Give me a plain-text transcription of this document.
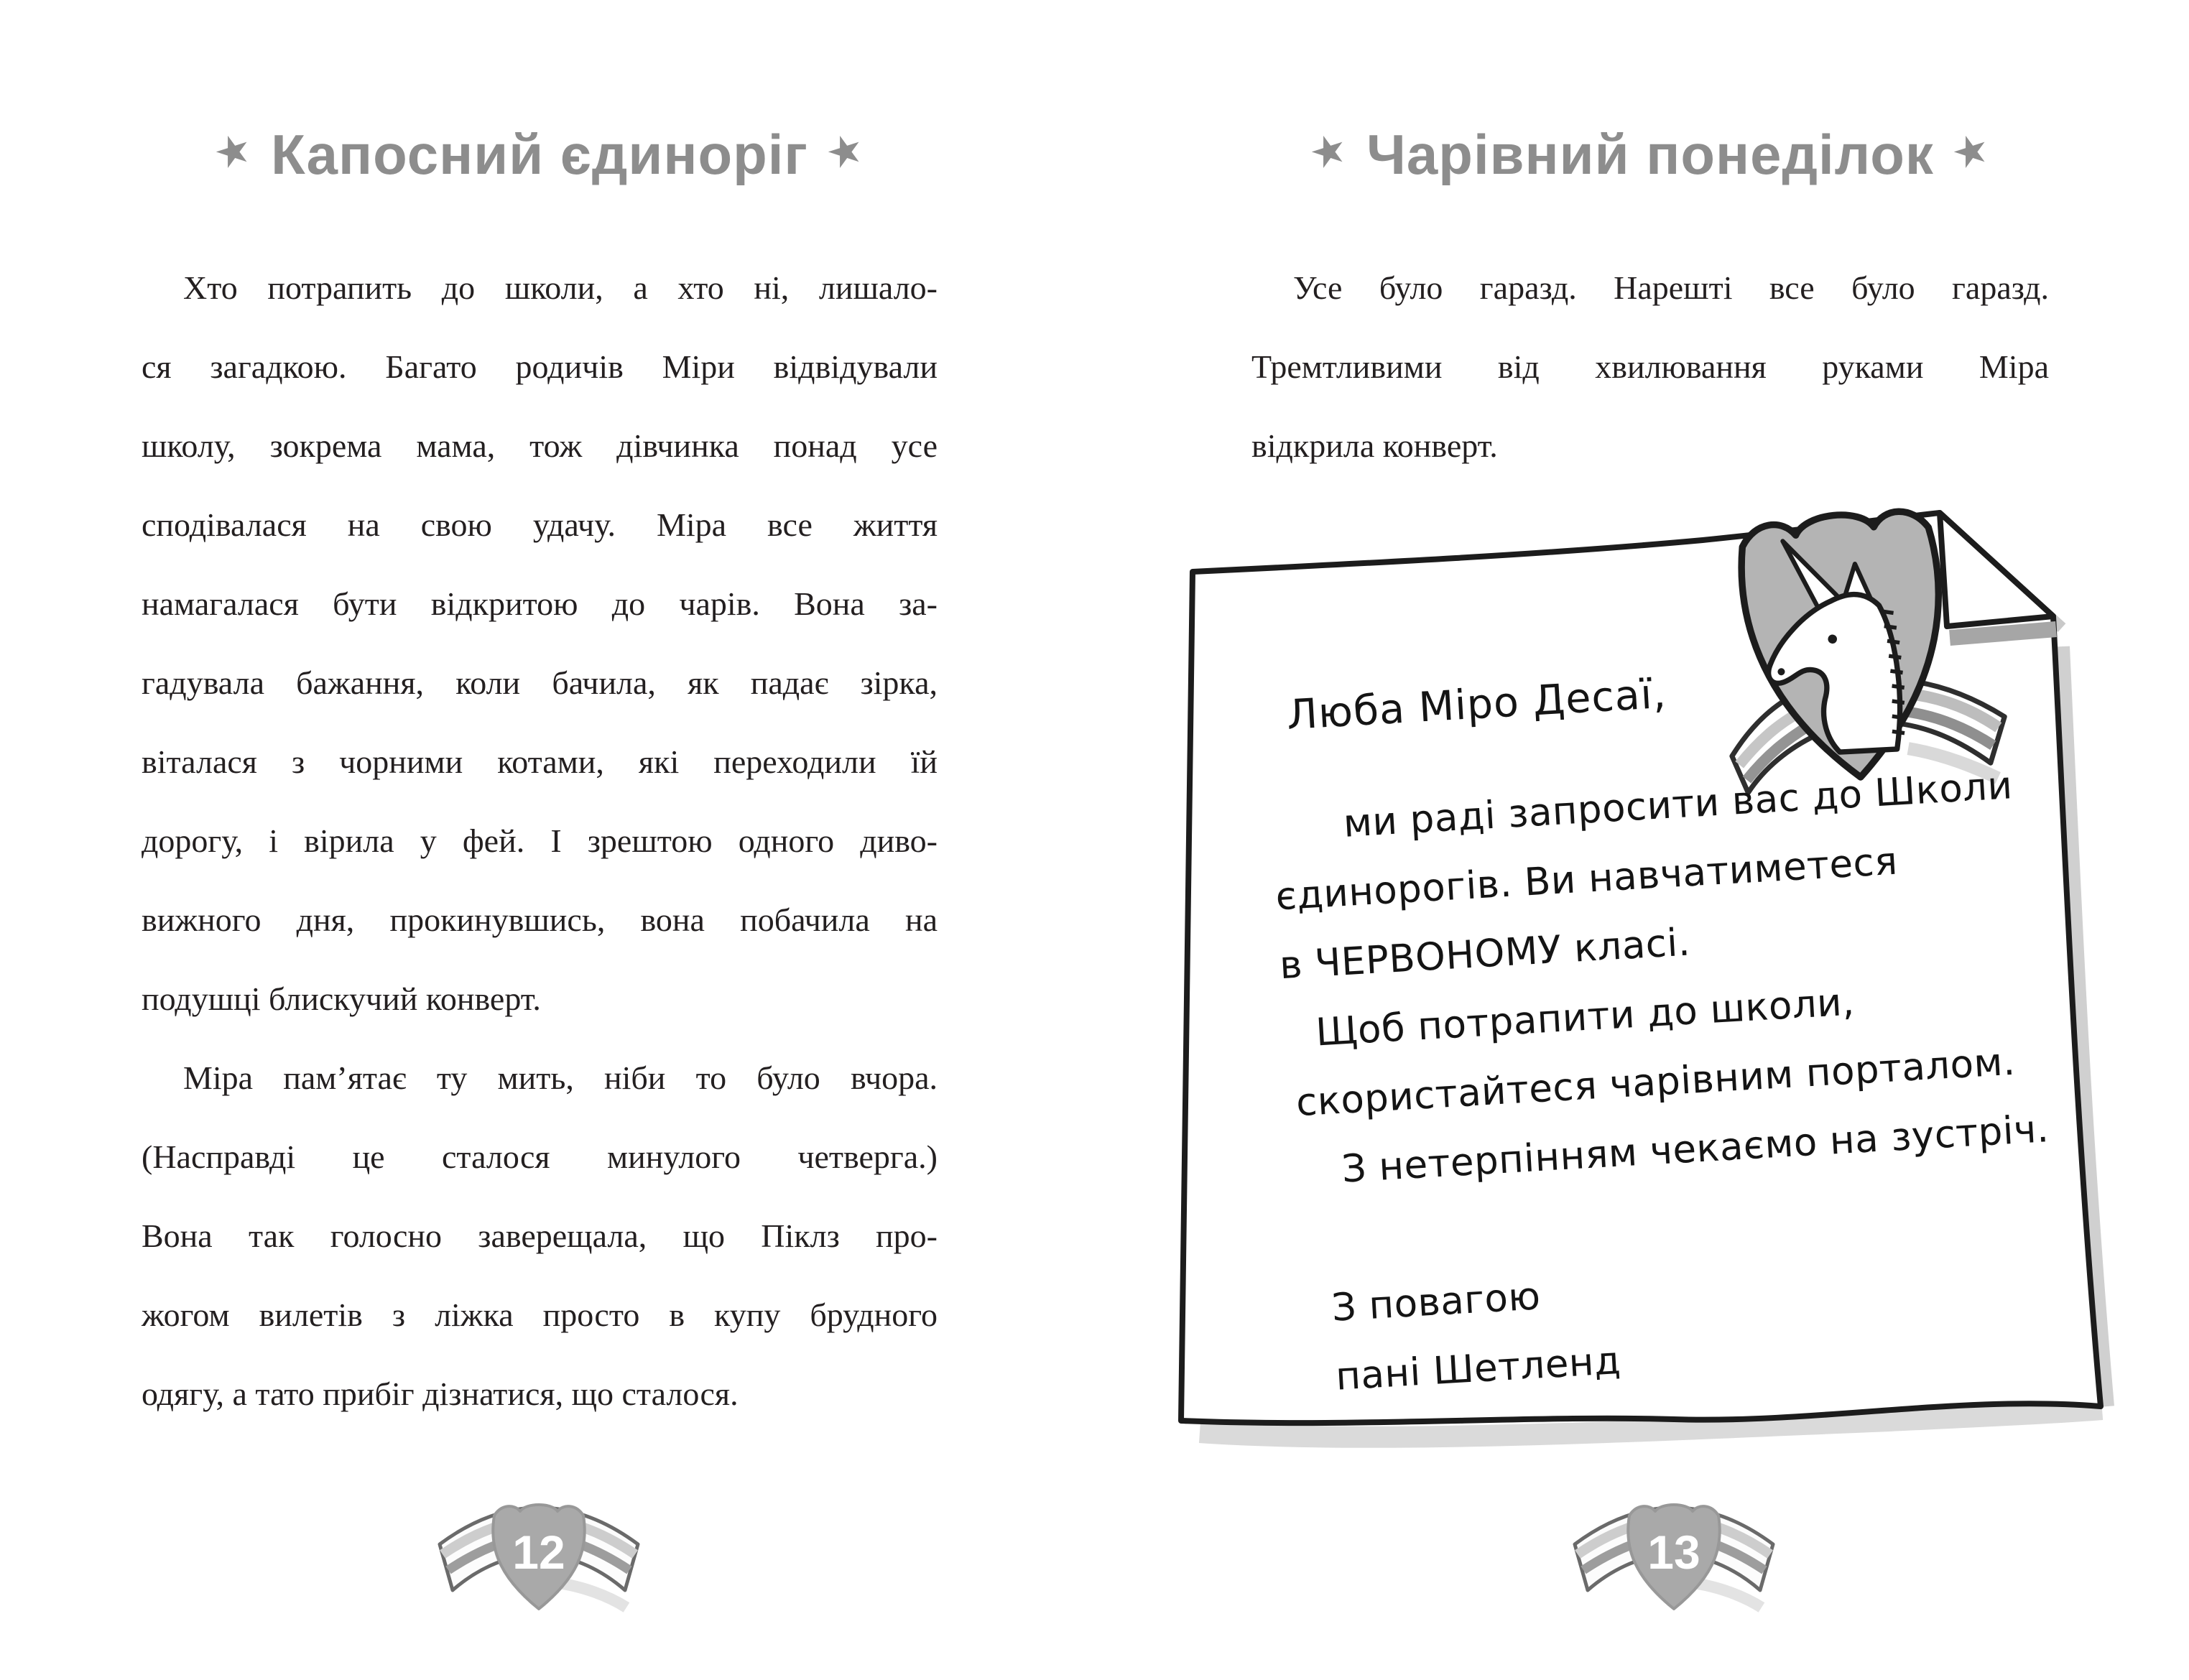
★ Капосний єдиноріг ★
Хто потрапить до школи, а хто ні, лишало-
ся загадкою. Багато родичів Міри відвідували
школу, зокрема мама, тож дівчинка понад усе
сподівалася на свою удачу. Міра все життя
намагалася бути відкритою до чарів. Вона за-
гадувала бажання, коли бачила, як падає зірка,
віталася з чорними котами, які переходили їй
дорогу, і вірила у фей. І зрештою одного диво-
вижного дня, прокинувшись, вона побачила на
подушці блискучий конверт.
Міра пам’ятає ту мить, ніби то було вчора.
(Насправді це сталося минулого четверга.)
Вона так голосно заверещала, що Піклз про-
жогом вилетів з ліжка просто в купу брудного
одягу, а тато прибіг дізнатися, що сталося.
12
★ Чарівний понеділок ★
Усе було гаразд. Нарешті все було гаразд.
Тремтливими від хвилювання руками Міра
відкрила конверт.
Люба Міро Десаї,
ми раді запросити вас до Школи
єдинорогів. Ви навчатиметеся
в ЧЕРВОНОМУ класі.
Щоб потрапити до школи,
скористайтеся чарівним порталом.
З нетерпінням чекаємо на зустріч.

З повагою
пані Шетленд
13
